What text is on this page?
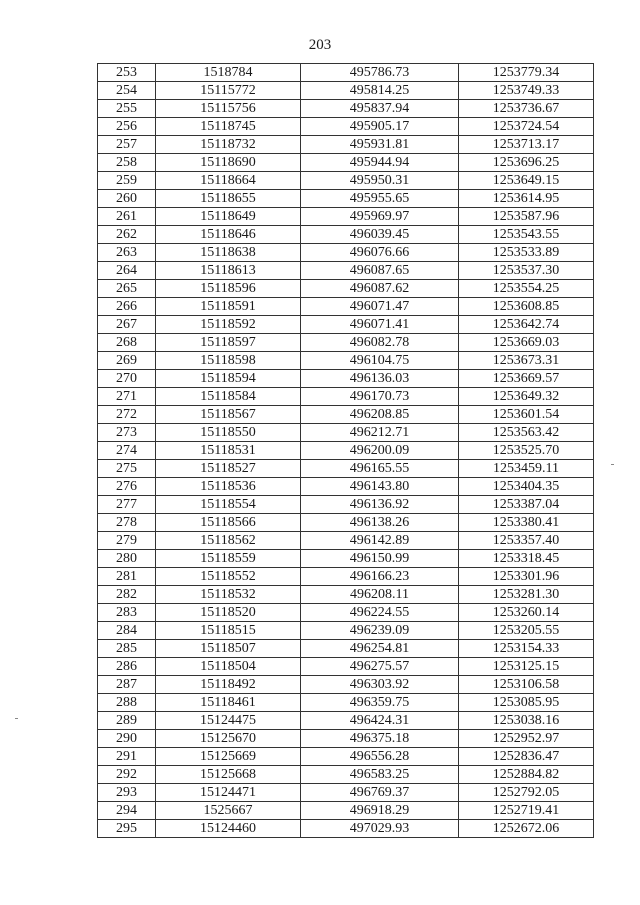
203
253	1518784	495786.73	1253779.34
254	15115772	495814.25	1253749.33
255	15115756	495837.94	1253736.67
256	15118745	495905.17	1253724.54
257	15118732	495931.81	1253713.17
258	15118690	495944.94	1253696.25
259	15118664	495950.31	1253649.15
260	15118655	495955.65	1253614.95
261	15118649	495969.97	1253587.96
262	15118646	496039.45	1253543.55
263	15118638	496076.66	1253533.89
264	15118613	496087.65	1253537.30
265	15118596	496087.62	1253554.25
266	15118591	496071.47	1253608.85
267	15118592	496071.41	1253642.74
268	15118597	496082.78	1253669.03
269	15118598	496104.75	1253673.31
270	15118594	496136.03	1253669.57
271	15118584	496170.73	1253649.32
272	15118567	496208.85	1253601.54
273	15118550	496212.71	1253563.42
274	15118531	496200.09	1253525.70
275	15118527	496165.55	1253459.11
276	15118536	496143.80	1253404.35
277	15118554	496136.92	1253387.04
278	15118566	496138.26	1253380.41
279	15118562	496142.89	1253357.40
280	15118559	496150.99	1253318.45
281	15118552	496166.23	1253301.96
282	15118532	496208.11	1253281.30
283	15118520	496224.55	1253260.14
284	15118515	496239.09	1253205.55
285	15118507	496254.81	1253154.33
286	15118504	496275.57	1253125.15
287	15118492	496303.92	1253106.58
288	15118461	496359.75	1253085.95
289	15124475	496424.31	1253038.16
290	15125670	496375.18	1252952.97
291	15125669	496556.28	1252836.47
292	15125668	496583.25	1252884.82
293	15124471	496769.37	1252792.05
294	1525667	496918.29	1252719.41
295	15124460	497029.93	1252672.06
